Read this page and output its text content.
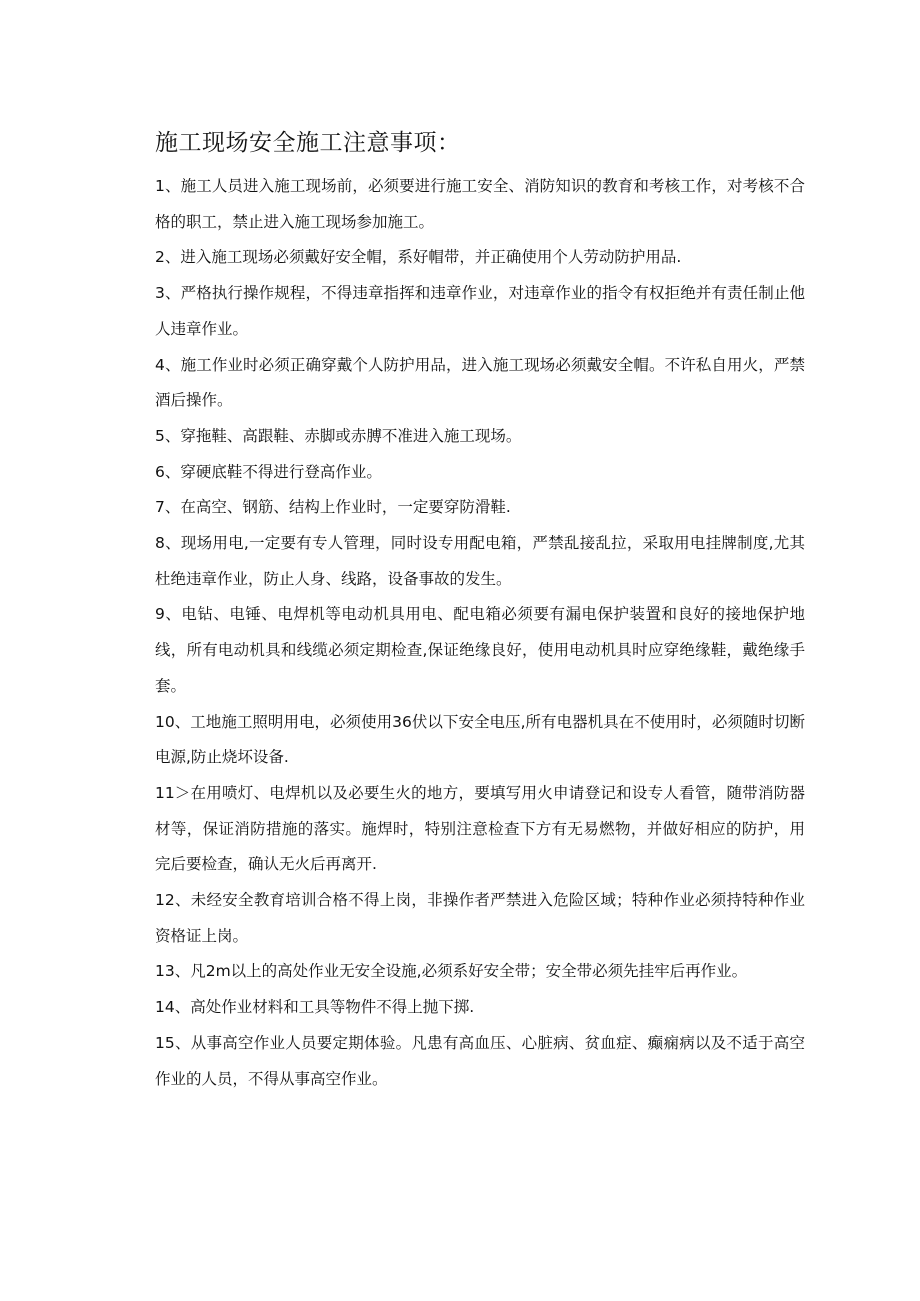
施工现场安全施工注意事项：
1、施工人员进入施工现场前，必须要进行施工安全、消防知识的教育和考核工作，对考核不合格的职工，禁止进入施工现场参加施工。
2、进入施工现场必须戴好安全帽，系好帽带，并正确使用个人劳动防护用品.
3、严格执行操作规程，不得违章指挥和违章作业，对违章作业的指令有权拒绝并有责任制止他人违章作业。
4、施工作业时必须正确穿戴个人防护用品，进入施工现场必须戴安全帽。不许私自用火，严禁酒后操作。
5、穿拖鞋、高跟鞋、赤脚或赤膊不准进入施工现场。
6、穿硬底鞋不得进行登高作业。
7、在高空、钢筋、结构上作业时，一定要穿防滑鞋.
8、现场用电,一定要有专人管理，同时设专用配电箱，严禁乱接乱拉，采取用电挂牌制度,尤其杜绝违章作业，防止人身、线路，设备事故的发生。
9、电钻、电锤、电焊机等电动机具用电、配电箱必须要有漏电保护装置和良好的接地保护地线，所有电动机具和线缆必须定期检查,保证绝缘良好，使用电动机具时应穿绝缘鞋，戴绝缘手套。
10、工地施工照明用电，必须使用36伏以下安全电压,所有电器机具在不使用时，必须随时切断电源,防止烧坏设备.
11＞在用喷灯、电焊机以及必要生火的地方，要填写用火申请登记和设专人看管，随带消防器材等，保证消防措施的落实。施焊时，特别注意检查下方有无易燃物，并做好相应的防护，用完后要检查，确认无火后再离开.
12、未经安全教育培训合格不得上岗，非操作者严禁进入危险区域；特种作业必须持特种作业资格证上岗。
13、凡2m以上的高处作业无安全设施,必须系好安全带；安全带必须先挂牢后再作业。
14、高处作业材料和工具等物件不得上抛下掷.
15、从事高空作业人员要定期体验。凡患有高血压、心脏病、贫血症、癫痫病以及不适于高空作业的人员，不得从事高空作业。
